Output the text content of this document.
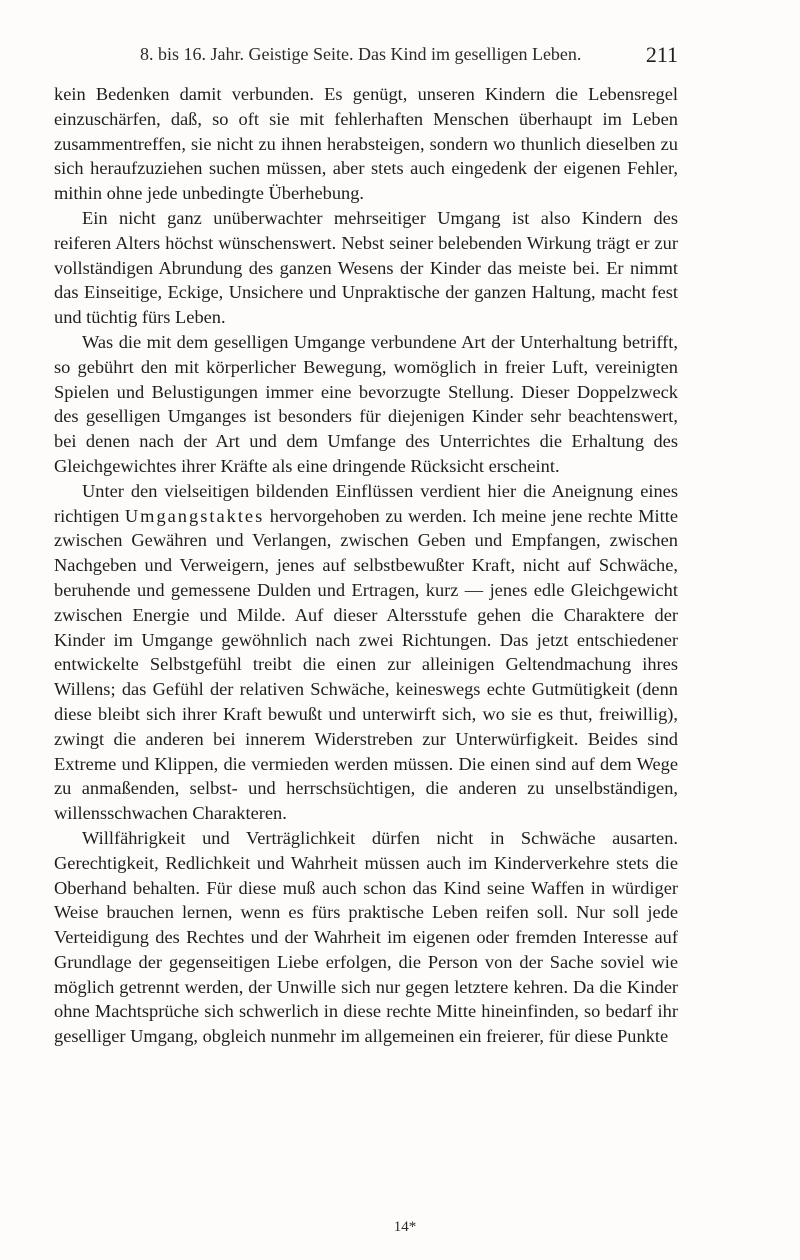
8. bis 16. Jahr. Geistige Seite. Das Kind im geselligen Leben.	211

kein Bedenken damit verbunden. Es genügt, unseren Kindern die Lebensregel einzuschärfen, daß, so oft sie mit fehlerhaften Menschen überhaupt im Leben zusammentreffen, sie nicht zu ihnen herabsteigen, sondern wo thunlich dieselben zu sich heraufzuziehen suchen müssen, aber stets auch eingedenk der eigenen Fehler, mithin ohne jede unbedingte Überhebung.

Ein nicht ganz unüberwachter mehrseitiger Umgang ist also Kindern des reiferen Alters höchst wünschenswert. Nebst seiner belebenden Wirkung trägt er zur vollständigen Abrundung des ganzen Wesens der Kinder das meiste bei. Er nimmt das Einseitige, Eckige, Unsichere und Unpraktische der ganzen Haltung, macht fest und tüchtig fürs Leben.

Was die mit dem geselligen Umgange verbundene Art der Unterhaltung betrifft, so gebührt den mit körperlicher Bewegung, womöglich in freier Luft, vereinigten Spielen und Belustigungen immer eine bevorzugte Stellung. Dieser Doppelzweck des geselligen Umganges ist besonders für diejenigen Kinder sehr beachtenswert, bei denen nach der Art und dem Umfange des Unterrichtes die Erhaltung des Gleichgewichtes ihrer Kräfte als eine dringende Rücksicht erscheint.

Unter den vielseitigen bildenden Einflüssen verdient hier die Aneignung eines richtigen Umgangstaktes hervorgehoben zu werden. Ich meine jene rechte Mitte zwischen Gewähren und Verlangen, zwischen Geben und Empfangen, zwischen Nachgeben und Verweigern, jenes auf selbstbewußter Kraft, nicht auf Schwäche, beruhende und gemessene Dulden und Ertragen, kurz — jenes edle Gleichgewicht zwischen Energie und Milde. Auf dieser Altersstufe gehen die Charaktere der Kinder im Umgange gewöhnlich nach zwei Richtungen. Das jetzt entschiedener entwickelte Selbstgefühl treibt die einen zur alleinigen Geltendmachung ihres Willens; das Gefühl der relativen Schwäche, keineswegs echte Gutmütigkeit (denn diese bleibt sich ihrer Kraft bewußt und unterwirft sich, wo sie es thut, freiwillig), zwingt die anderen bei innerem Widerstreben zur Unterwürfigkeit. Beides sind Extreme und Klippen, die vermieden werden müssen. Die einen sind auf dem Wege zu anmaßenden, selbst- und herrschsüchtigen, die anderen zu unselbständigen, willensschwachen Charakteren.

Willfährigkeit und Verträglichkeit dürfen nicht in Schwäche ausarten. Gerechtigkeit, Redlichkeit und Wahrheit müssen auch im Kinderverkehre stets die Oberhand behalten. Für diese muß auch schon das Kind seine Waffen in würdiger Weise brauchen lernen, wenn es fürs praktische Leben reifen soll. Nur soll jede Verteidigung des Rechtes und der Wahrheit im eigenen oder fremden Interesse auf Grundlage der gegenseitigen Liebe erfolgen, die Person von der Sache soviel wie möglich getrennt werden, der Unwille sich nur gegen letztere kehren. Da die Kinder ohne Machtsprüche sich schwerlich in diese rechte Mitte hineinfinden, so bedarf ihr geselliger Umgang, obgleich nunmehr im allgemeinen ein freierer, für diese Punkte

14*
